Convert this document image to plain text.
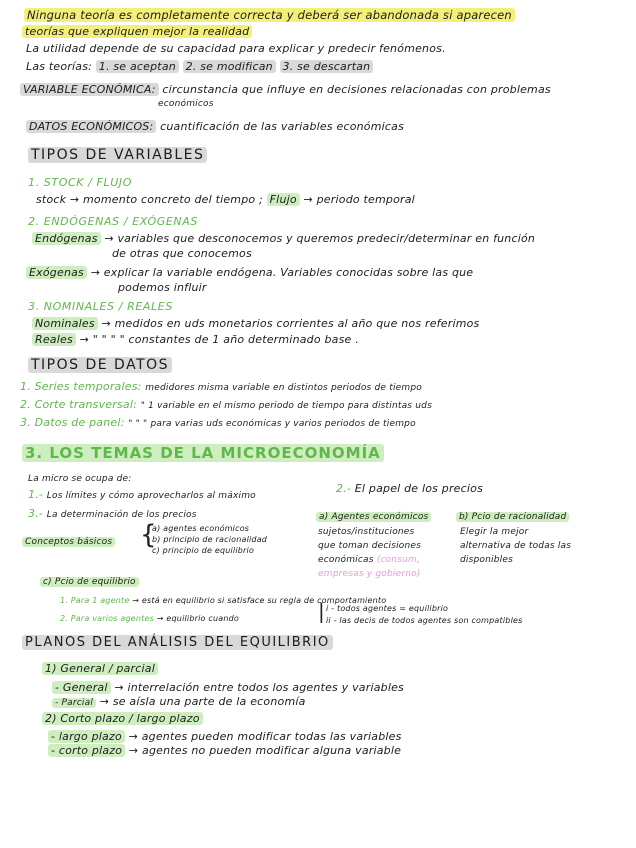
Ninguna teoría es completamente correcta y deberá ser abandonada si aparecen
teorías que expliquen mejor la realidad
La utilidad depende de su capacidad para explicar y predecir fenómenos.
Las teorías: 1. se aceptan 2. se modifican 3. se descartan
VARIABLE ECONÓMICA: circunstancia que influye en decisiones relacionadas con problemas
económicos
DATOS ECONÓMICOS: cuantificación de las variables económicas
TIPOS DE VARIABLES
1. STOCK / FLUJO
stock → momento concreto del tiempo ; Flujo → periodo temporal
2. ENDÓGENAS / EXÓGENAS
Endógenas → variables que desconocemos y queremos predecir/determinar en función
de otras que conocemos
Exógenas → explicar la variable endógena. Variables conocidas sobre las que
podemos influir
3. NOMINALES / REALES
Nominales → medidos en uds monetarios corrientes al año que nos referimos
Reales → " " " " constantes de 1 año determinado base .
TIPOS DE DATOS
1. Series temporales: medidores misma variable en distintos periodos de tiempo
2. Corte transversal: " 1 variable en el mismo periodo de tiempo para distintas uds
3. Datos de panel: " " " para varias uds económicas y varios periodos de tiempo
3. LOS TEMAS DE LA MICROECONOMÍA
La micro se ocupa de:
1.- Los límites y cómo aprovecharlos al máximo
2.- El papel de los precios
3.- La determinación de los precios
Conceptos básicos {
a) agentes económicos
b) principio de racionalidad
c) principio de equilibrio
a) Agentes económicos
sujetos/instituciones
que toman decisiones
económicas (consum,
empresas y gobierno)
b) Pcio de racionalidad
Elegir la mejor
alternativa de todas las
disponibles
c) Pcio de equilibrio
1. Para 1 agente → está en equilibrio si satisface su regla de comportamiento
2. Para varios agentes → equilibrio cuando	| i - todos agentes = equilibrio
ii - las decis de todos agentes son compatibles
PLANOS DEL ANÁLISIS DEL EQUILIBRIO
1) General / parcial
- General → interrelación entre todos los agentes y variables
- Parcial → se aísla una parte de la economía
2) Corto plazo / largo plazo
- largo plazo → agentes pueden modificar todas las variables
- corto plazo → agentes no pueden modificar alguna variable
